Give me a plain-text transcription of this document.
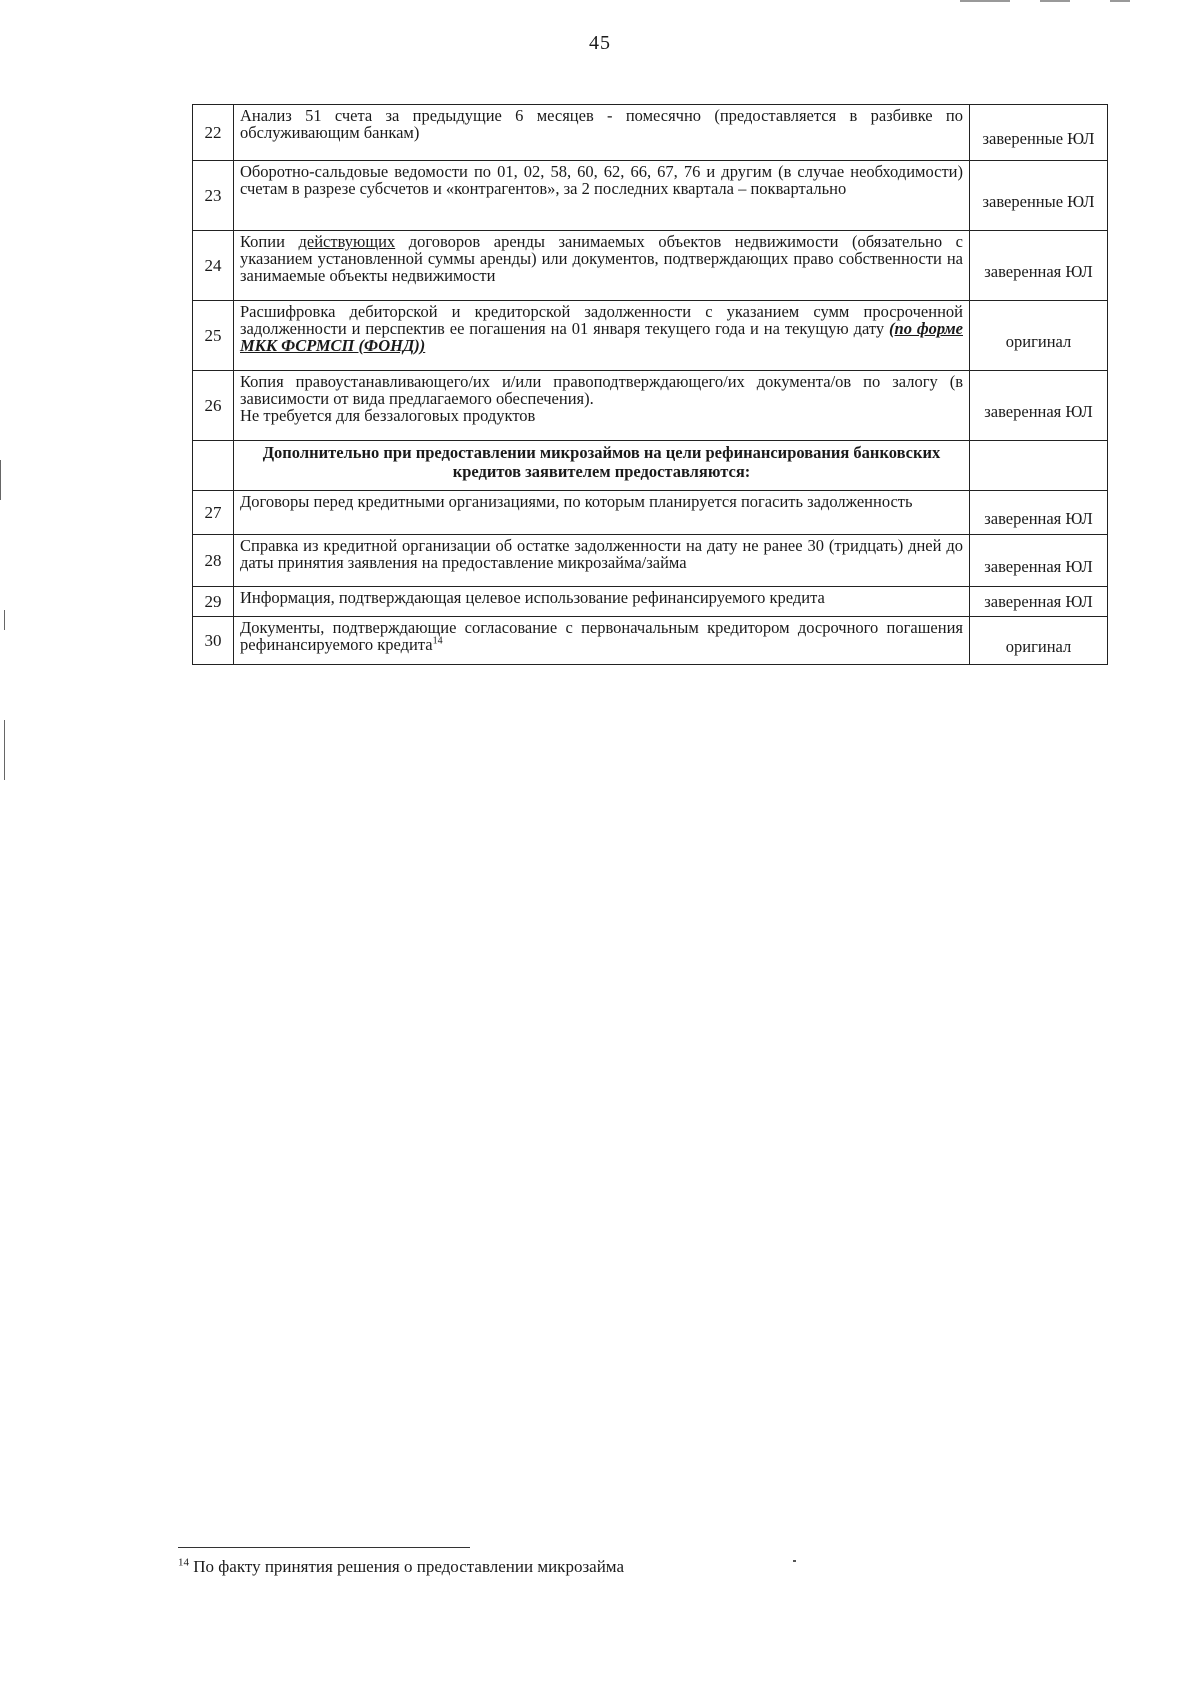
45
22	Анализ 51 счета за предыдущие 6 месяцев - помесячно (предоставляется в разбивке по обслуживающим банкам)	заверенные ЮЛ
23	Оборотно-сальдовые ведомости по 01, 02, 58, 60, 62, 66, 67, 76 и другим (в случае необходимости) счетам в разрезе субсчетов и «контрагентов», за 2 последних квартала – поквартально	заверенные ЮЛ
24	Копии действующих договоров аренды занимаемых объектов недвижимости (обязательно с указанием установленной суммы аренды) или документов, подтверждающих право собственности на занимаемые объекты недвижимости	заверенная ЮЛ
25	Расшифровка дебиторской и кредиторской задолженности с указанием сумм просроченной задолженности и перспектив ее погашения на 01 января текущего года и на текущую дату (по форме МКК ФСРМСП (ФОНД))	оригинал
26	Копия правоустанавливающего/их и/или правоподтверждающего/их документа/ов по залогу (в зависимости от вида предлагаемого обеспечения).
Не требуется для беззалоговых продуктов	заверенная ЮЛ
	Дополнительно при предоставлении микрозаймов на цели рефинансирования банковских кредитов заявителем предоставляются:	
27	Договоры перед кредитными организациями, по которым планируется погасить задолженность	заверенная ЮЛ
28	Справка из кредитной организации об остатке задолженности на дату не ранее 30 (тридцать) дней до даты принятия заявления на предоставление микрозайма/займа	заверенная ЮЛ
29	Информация, подтверждающая целевое использование рефинансируемого кредита	заверенная ЮЛ
30	Документы, подтверждающие согласование с первоначальным кредитором досрочного погашения рефинансируемого кредита$^{14}$	оригинал
$^{14}$ По факту принятия решения о предоставлении микрозайма
